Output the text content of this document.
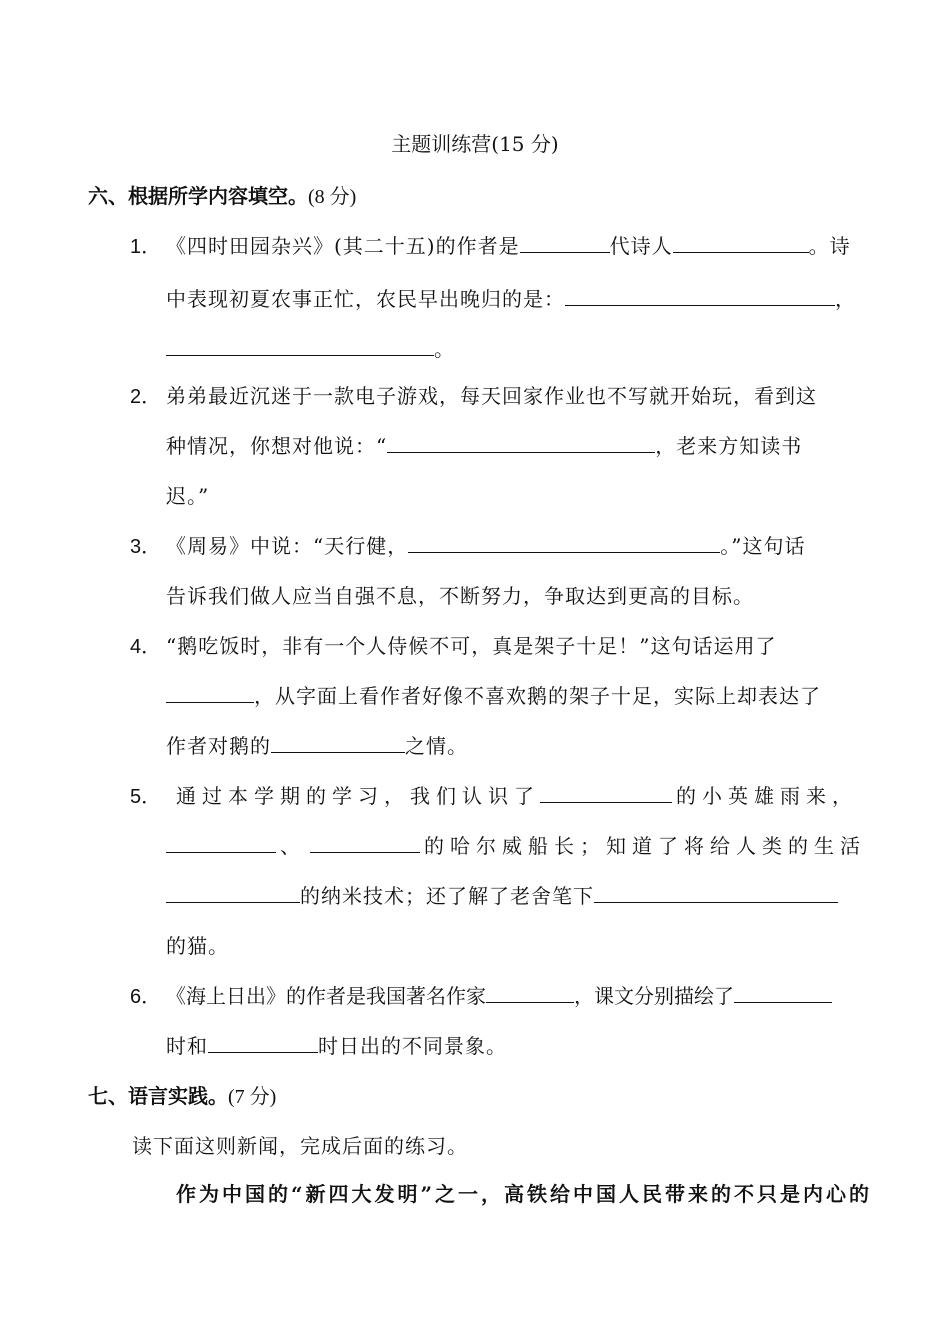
主题训练营(15 分)
六、根据所学内容填空。(8 分)
1． 《四时田园杂兴》(其二十五)的作者是	代诗人	。诗
中表现初夏农事正忙，农民早出晚归的是：	，
。
2． 弟弟最近沉迷于一款电子游戏，每天回家作业也不写就开始玩，看到这
种情况，你想对他说：“	，老来方知读书
迟。”
3． 《周易》中说：“天行健，	。”这句话
告诉我们做人应当自强不息，不断努力，争取达到更高的目标。
4． “鹅吃饭时，非有一个人侍候不可，真是架子十足！”这句话运用了
，从字面上看作者好像不喜欢鹅的架子十足，实际上却表达了
作者对鹅的	之情。
5． 通过本学期的学习，我们认识了	的小英雄雨来，
、	的哈尔威船长；知道了将给人类的生活
的纳米技术；还了解了老舍笔下
的猫。
6． 《海上日出》的作者是我国著名作家	，课文分别描绘了
时和	时日出的不同景象。
七、语言实践。(7 分)
读下面这则新闻，完成后面的练习。
作为中国的“新四大发明”之一，高铁给中国人民带来的不只是内心的
